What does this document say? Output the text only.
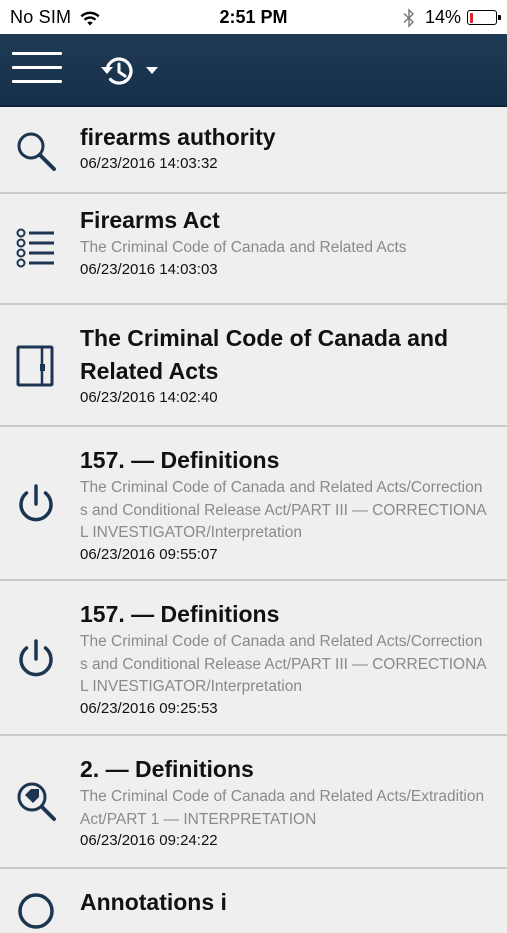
No SIM	2:51 PM	14%
firearms authority
06/23/2016 14:03:32
Firearms Act
The Criminal Code of Canada and Related Acts
06/23/2016 14:03:03
The Criminal Code of Canada and Related Acts
06/23/2016 14:02:40
157. — Definitions
The Criminal Code of Canada and Related Acts/Corrections and Conditional Release Act/PART III — CORRECTIONAL INVESTIGATOR/Interpretation
06/23/2016 09:55:07
157. — Definitions
The Criminal Code of Canada and Related Acts/Corrections and Conditional Release Act/PART III — CORRECTIONAL INVESTIGATOR/Interpretation
06/23/2016 09:25:53
2. — Definitions
The Criminal Code of Canada and Related Acts/Extradition Act/PART 1 — INTERPRETATION
06/23/2016 09:24:22
Annotations i
